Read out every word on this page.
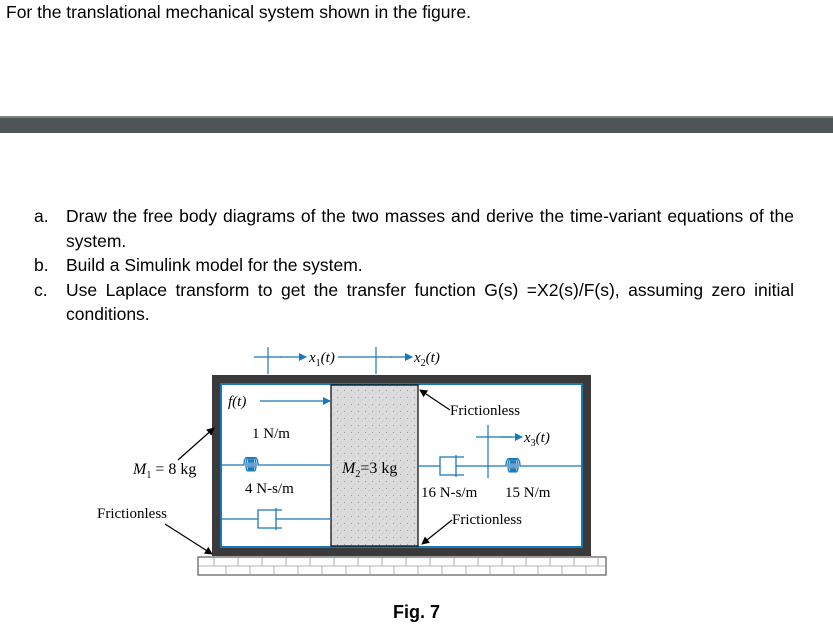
For the translational mechanical system shown in the figure.
a. Draw the free body diagrams of the two masses and derive the time-variant equations of the system.
b. Build a Simulink model for the system.
c. Use Laplace transform to get the transfer function G(s) =X2(s)/F(s), assuming zero initial conditions.
$x_1(t)$	$x_2(t)$
f(t)
1 N/m
4 N-s/m
$M_2=3$ kg
Frictionless
$x_3(t)$
16 N-s/m 15 N/m
Frictionless
$M_1 = 8$ kg
Frictionless
Fig. 7
